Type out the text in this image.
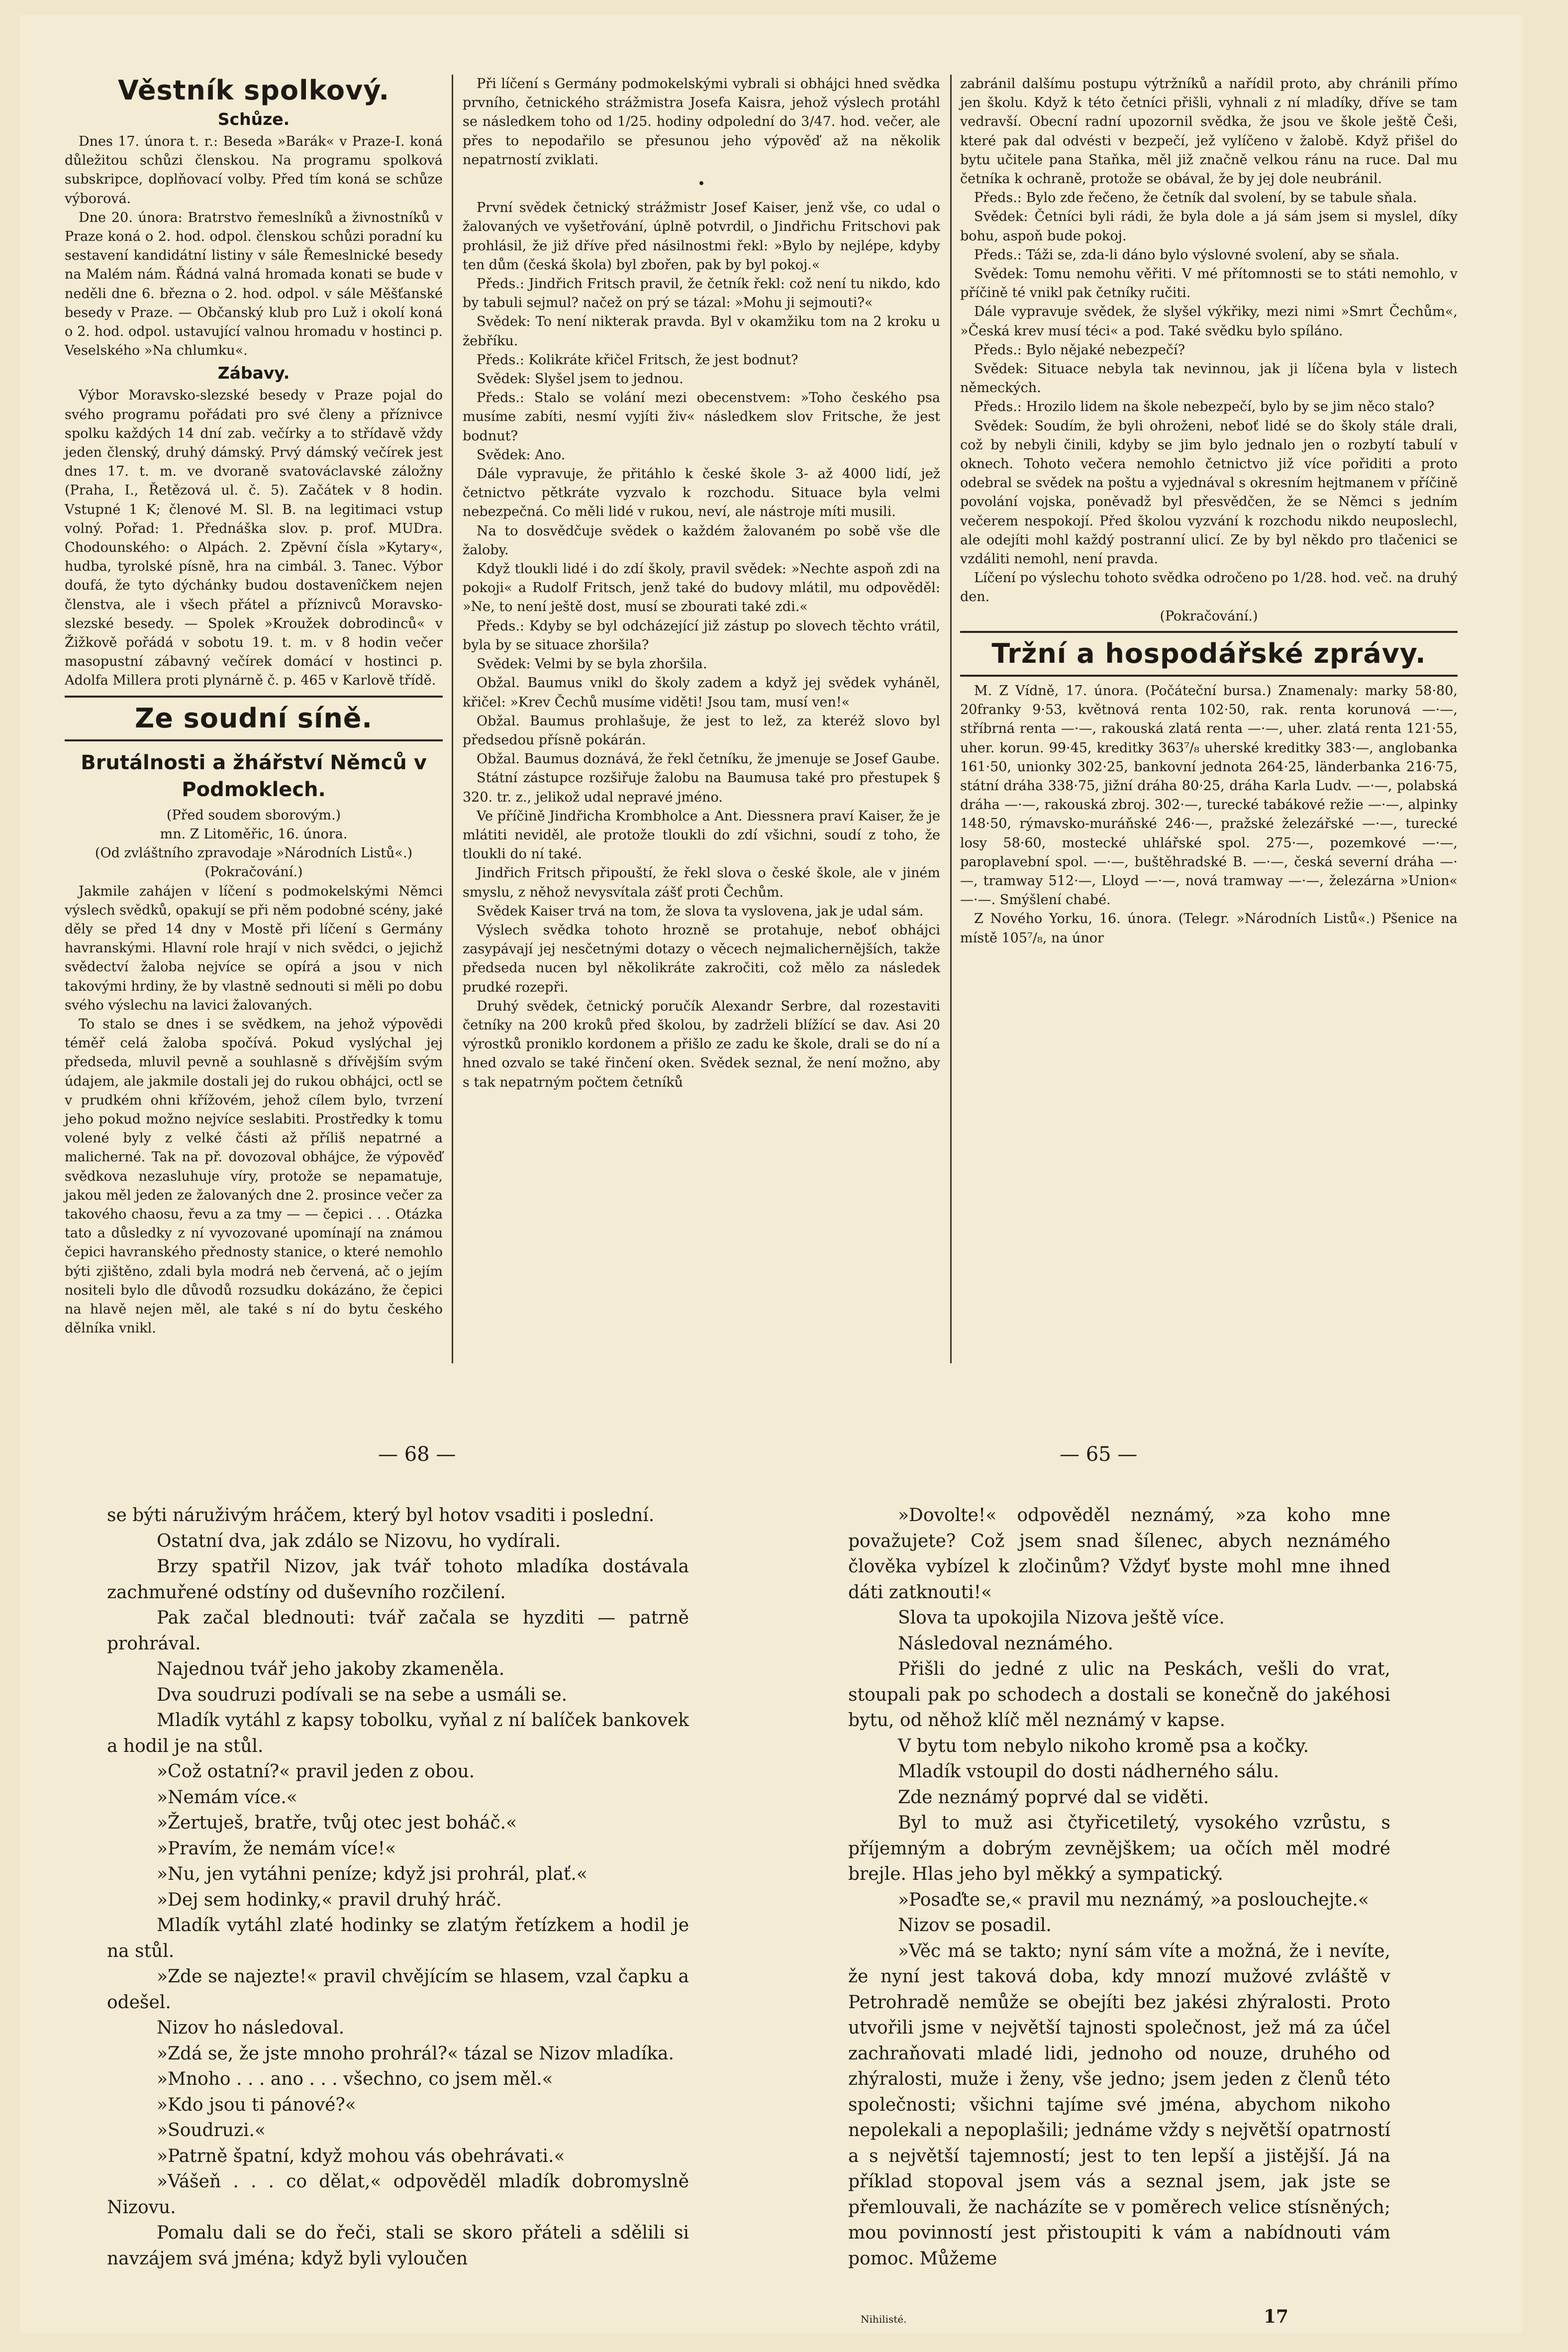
Věstník spolkový.
Schůze.

Dnes 17. února t. r.: Beseda »Barák« v Praze-I. koná důležitou schůzi členskou. Na programu spolková subskripce, doplňovací volby. Před tím koná se schůze výborová.

Dne 20. února: Bratrstvo řemeslníků a živnostníků v Praze koná o 2. hod. odpol. členskou schůzi poradní ku sestavení kandidátní listiny v sále Řemeslnické besedy na Malém nám. Řádná valná hromada konati se bude v neděli dne 6. března o 2. hod. odpol. v sále Měšťanské besedy v Praze. — Občanský klub pro Luž i okolí koná o 2. hod. odpol. ustavující valnou hromadu v hostinci p. Veselského »Na chlumku«.

Zábavy.

Výbor Moravsko-slezské besedy v Praze pojal do svého programu pořádati pro své členy a příznivce spolku každých 14 dní zab. večírky a to střídavě vždy jeden členský, druhý dámský. Prvý dámský večírek jest dnes 17. t. m. ve dvoraně svatováclavské záložny (Praha, I., Řetězová ul. č. 5). Začátek v 8 hodin. Vstupné 1 K; členové M. Sl. B. na legitimaci vstup volný. Pořad: 1. Přednáška slov. p. prof. MUDra. Chodounského: o Alpách. 2. Zpěvní čísla »Kytary«, hudba, tyrolské písně, hra na cimbál. 3. Tanec. Výbor doufá, že tyto dýchánky budou dostavenîčkem nejen členstva, ale i všech přátel a příznivců Moravsko-slezské besedy. — Spolek »Kroužek dobrodinců« v Žižkově pořádá v sobotu 19. t. m. v 8 hodin večer masopustní zábavný večírek domácí v hostinci p. Adolfa Millera proti plynárně č. p. 465 v Karlově třídě.

Ze soudní síně.
Brutálnosti a žhářství Němců v Podmoklech.

(Před soudem sborovým.)

mn. Z Litoměřic, 16. února.

(Od zvláštního zpravodaje »Národních Listů«.)

(Pokračování.)

Jakmile zahájen v líčení s podmokelskými Němci výslech svědků, opakují se při něm podobné scény, jaké děly se před 14 dny v Mostě při líčení s Germány havranskými. Hlavní role hrají v nich svědci, o jejichž svědectví žaloba nejvíce se opírá a jsou v nich takovými hrdiny, že by vlastně sednouti si měli po dobu svého výslechu na lavici žalovaných.

To stalo se dnes i se svědkem, na jehož výpovědi téměř celá žaloba spočívá. Pokud vyslýchal jej předseda, mluvil pevně a souhlasně s dřívějším svým údajem, ale jakmile dostali jej do rukou obhájci, octl se v prudkém ohni křížovém, jehož cílem bylo, tvrzení jeho pokud možno nejvíce seslabiti. Prostředky k tomu volené byly z velké části až příliš nepatrné a malicherné. Tak na př. dovozoval obhájce, že výpověď svědkova nezasluhuje víry, protože se nepamatuje, jakou měl jeden ze žalovaných dne 2. prosince večer za takového chaosu, řevu a za tmy — — čepici . . . Otázka tato a důsledky z ní vyvozované upomínají na známou čepici havranského přednosty stanice, o které nemohlo býti zjištěno, zdali byla modrá neb červená, ač o jejím nositeli bylo dle důvodů rozsudku dokázáno, že čepici na hlavě nejen měl, ale také s ní do bytu českého dělníka vnikl.

Při líčení s Germány podmokelskými vybrali si obhájci hned svědka prvního, četnického strážmistra Josefa Kaisra, jehož výslech protáhl se následkem toho od 1/25. hodiny odpolední do 3/47. hod. večer, ale přes to nepodařilo se přesunou jeho výpověď až na několik nepatrností zviklati.

•

První svědek četnický strážmistr Josef Kaiser, jenž vše, co udal o žalovaných ve vyšetřování, úplně potvrdil, o Jindřichu Fritschovi pak prohlásil, že již dříve před násilnostmi řekl: »Bylo by nejlépe, kdyby ten dům (česká škola) byl zbořen, pak by byl pokoj.«

Předs.: Jindřich Fritsch pravil, že četník řekl: což není tu nikdo, kdo by tabuli sejmul? načež on prý se tázal: »Mohu ji sejmouti?«

Svědek: To není nikterak pravda. Byl v okamžiku tom na 2 kroku u žebříku.

Předs.: Kolikráte křičel Fritsch, že jest bodnut?

Svědek: Slyšel jsem to jednou.

Předs.: Stalo se volání mezi obecenstvem: »Toho českého psa musíme zabíti, nesmí vyjíti živ« následkem slov Fritsche, že jest bodnut?

Svědek: Ano.

Dále vypravuje, že přitáhlo k české škole 3- až 4000 lidí, jež četnictvo pětkráte vyzvalo k rozchodu. Situace byla velmi nebezpečná. Co měli lidé v rukou, neví, ale nástroje míti musili.

Na to dosvědčuje svědek o každém žalovaném po sobě vše dle žaloby.

Když tloukli lidé i do zdí školy, pravil svědek: »Nechte aspoň zdi na pokoji« a Rudolf Fritsch, jenž také do budovy mlátil, mu odpověděl: »Ne, to není ještě dost, musí se zbourati také zdi.«

Předs.: Kdyby se byl odcházející již zástup po slovech těchto vrátil, byla by se situace zhoršila?

Svědek: Velmi by se byla zhoršila.

Obžal. Baumus vnikl do školy zadem a když jej svědek vyháněl, křičel: »Krev Čechů musíme viděti! Jsou tam, musí ven!«

Obžal. Baumus prohlašuje, že jest to lež, za kteréž slovo byl předsedou přísně pokárán.

Obžal. Baumus doznává, že řekl četníku, že jmenuje se Josef Gaube.

Státní zástupce rozšiřuje žalobu na Baumusa také pro přestupek § 320. tr. z., jelikož udal nepravé jméno.

Ve příčině Jindřicha Krombholce a Ant. Diessnera praví Kaiser, že je mlátiti neviděl, ale protože tloukli do zdí všichni, soudí z toho, že tloukli do ní také.

Jindřich Fritsch připouští, že řekl slova o české škole, ale v jiném smyslu, z něhož nevysvítala zášť proti Čechům.

Svědek Kaiser trvá na tom, že slova ta vyslovena, jak je udal sám.

Výslech svědka tohoto hrozně se protahuje, neboť obhájci zasypávají jej nesčetnými dotazy o věcech nejmalichernějších, takže předseda nucen byl několikráte zakročiti, což mělo za následek prudké rozepři.

Druhý svědek, četnický poručík Alexandr Serbre, dal rozestaviti četníky na 200 kroků před školou, by zadrželi blížící se dav. Asi 20 výrostků proniklo kordonem a přišlo ze zadu ke škole, drali se do ní a hned ozvalo se také řinčení oken. Svědek seznal, že není možno, aby s tak nepatrným počtem četníků

zabránil dalšímu postupu výtržníků a nařídil proto, aby chránili přímo jen školu. Když k této četníci přišli, vyhnali z ní mladíky, dříve se tam vedravší. Obecní radní upozornil svědka, že jsou ve škole ještě Češi, které pak dal odvésti v bezpečí, jež vylíčeno v žalobě. Když přišel do bytu učitele pana Staňka, měl již značně velkou ránu na ruce. Dal mu četníka k ochraně, protože se obával, že by jej dole neubránil.

Předs.: Bylo zde řečeno, že četník dal svolení, by se tabule sňala.

Svědek: Četníci byli rádi, že byla dole a já sám jsem si myslel, díky bohu, aspoň bude pokoj.

Předs.: Táži se, zda-li dáno bylo výslovné svolení, aby se sňala.

Svědek: Tomu nemohu věřiti. V mé přítomnosti se to státi nemohlo, v příčině té vnikl pak četníky ručiti.

Dále vypravuje svědek, že slyšel výkřiky, mezi nimi »Smrt Čechům«, »Česká krev musí téci« a pod. Také svědku bylo spíláno.

Předs.: Bylo nějaké nebezpečí?

Svědek: Situace nebyla tak nevinnou, jak ji líčena byla v listech německých.

Předs.: Hrozilo lidem na škole nebezpečí, bylo by se jim něco stalo?

Svědek: Soudím, že byli ohroženi, neboť lidé se do školy stále drali, což by nebyli činili, kdyby se jim bylo jednalo jen o rozbytí tabulí v oknech. Tohoto večera nemohlo četnictvo již více pořiditi a proto odebral se svědek na poštu a vyjednával s okresním hejtmanem v příčině povolání vojska, poněvadž byl přesvědčen, že se Němci s jedním večerem nespokojí. Před školou vyzvání k rozchodu nikdo neuposlechl, ale odejíti mohl každý postranní ulicí. Ze by byl někdo pro tlačenici se vzdáliti nemohl, není pravda.

Líčení po výslechu tohoto svědka odročeno po 1/28. hod. več. na druhý den.

(Pokračování.)

Tržní a hospodářské zprávy.

M. Z Vídně, 17. února. (Počáteční bursa.) Znamenaly: marky 58·80, 20franky 9·53, květnová renta 102·50, rak. renta korunová —·—, stříbrná renta —·—, rakouská zlatá renta —·—, uher. zlatá renta 121·55, uher. korun. 99·45, kreditky 363⁷/₈ uherské kreditky 383·—, anglobanka 161·50, unionky 302·25, bankovní jednota 264·25, länderbanka 216·75, státní dráha 338·75, jižní dráha 80·25, dráha Karla Ludv. —·—, polabská dráha —·—, rakouská zbroj. 302·—, turecké tabákové režie —·—, alpinky 148·50, rýmavsko-muráňské 246·—, pražské železářské —·—, turecké losy 58·60, mostecké uhlářské spol. 275·—, pozemkové —·—, paroplavební spol. —·—, buštěhradské B. —·—, česká severní dráha —·—, tramway 512·—, Lloyd —·—, nová tramway —·—, železárna »Union« —·—. Smýšlení chabé.

Z Nového Yorku, 16. února. (Telegr. »Národních Listů«.) Pšenice na místě 105⁷/₈, na únor

— 68 —	— 65 —

se býti náruživým hráčem, který byl hotov vsaditi i poslední.

Ostatní dva, jak zdálo se Nizovu, ho vydírali.

Brzy spatřil Nizov, jak tvář tohoto mladíka dostávala zachmuřené odstíny od duševního rozčilení.

Pak začal blednouti: tvář začala se hyzditi — patrně prohrával.

Najednou tvář jeho jakoby zkameněla.

Dva soudruzi podívali se na sebe a usmáli se.

Mladík vytáhl z kapsy tobolku, vyňal z ní balíček bankovek a hodil je na stůl.

»Což ostatní?« pravil jeden z obou.

»Nemám více.«

»Žertuješ, bratře, tvůj otec jest boháč.«

»Pravím, že nemám více!«

»Nu, jen vytáhni peníze; když jsi prohrál, plať.«

»Dej sem hodinky,« pravil druhý hráč.

Mladík vytáhl zlaté hodinky se zlatým řetízkem a hodil je na stůl.

»Zde se najezte!« pravil chvějícím se hlasem, vzal čapku a odešel.

Nizov ho následoval.

»Zdá se, že jste mnoho prohrál?« tázal se Nizov mladíka.

»Mnoho . . . ano . . . všechno, co jsem měl.«

»Kdo jsou ti pánové?«

»Soudruzi.«

»Patrně špatní, když mohou vás obehrávati.«

»Vášeň . . . co dělat,« odpověděl mladík dobromyslně Nizovu.

Pomalu dali se do řeči, stali se skoro přáteli a sdělili si navzájem svá jména; když byli vyloučen

»Dovolte!« odpověděl neznámý, »za koho mne považujete? Což jsem snad šílenec, abych neznámého člověka vybízel k zločinům? Vždyť byste mohl mne ihned dáti zatknouti!«

Slova ta upokojila Nizova ještě více.

Následoval neznámého.

Přišli do jedné z ulic na Peskách, vešli do vrat, stoupali pak po schodech a dostali se konečně do jakéhosi bytu, od něhož klíč měl neznámý v kapse.

V bytu tom nebylo nikoho kromě psa a kočky.

Mladík vstoupil do dosti nádherného sálu.

Zde neznámý poprvé dal se viděti.

Byl to muž asi čtyřicetiletý, vysokého vzrůstu, s příjemným a dobrým zevnějškem; ua očích měl modré brejle. Hlas jeho byl měkký a sympatický.

»Posaďte se,« pravil mu neznámý, »a poslouchejte.«

Nizov se posadil.

»Věc má se takto; nyní sám víte a možná, že i nevíte, že nyní jest taková doba, kdy mnozí mužové zvláště v Petrohradě nemůže se obejíti bez jakési zhýralosti. Proto utvořili jsme v největší tajnosti společnost, jež má za účel zachraňovati mladé lidi, jednoho od nouze, druhého od zhýralosti, muže i ženy, vše jedno; jsem jeden z členů této společnosti; všichni tajíme své jména, abychom nikoho nepolekali a nepoplašili; jednáme vždy s největší opatrností a s největší tajemností; jest to ten lepší a jistější. Já na příklad stopoval jsem vás a seznal jsem, jak jste se přemlouvali, že nacházíte se v poměrech velice stísněných; mou povinností jest přistoupiti k vám a nabídnouti vám pomoc. Můžeme

Nihilisté.	17
